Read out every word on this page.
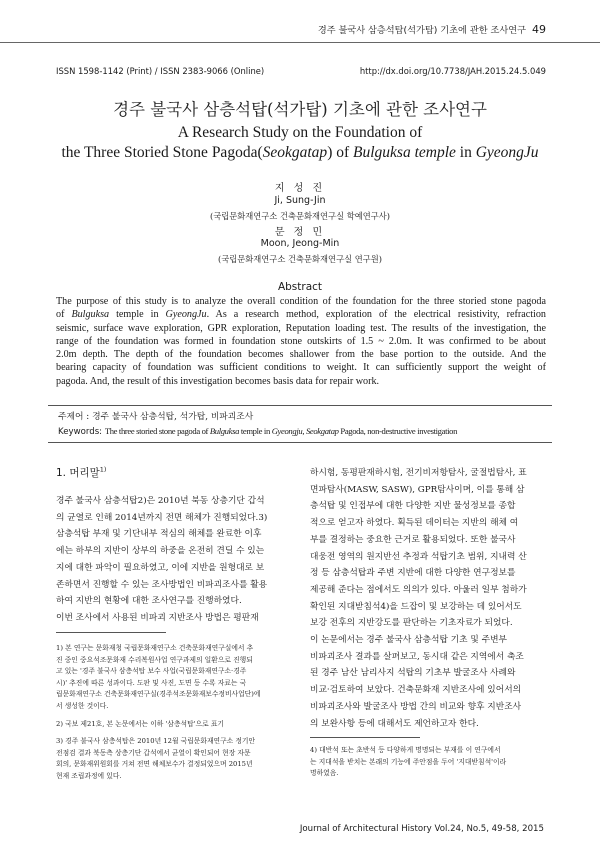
경주 불국사 삼층석탑(석가탑) 기초에 관한 조사연구 49
ISSN 1598-1142 (Print) / ISSN 2383-9066 (Online)	http://dx.doi.org/10.7738/JAH.2015.24.5.049
경주 불국사 삼층석탑(석가탑) 기초에 관한 조사연구
A Research Study on the Foundation of
the Three Storied Stone Pagoda(Seokgatap) of Bulguksa temple in GyeongJu
지 성 진
Ji, Sung-Jin
(국립문화재연구소 건축문화재연구실 학예연구사)
문 정 민
Moon, Jeong-Min
(국립문화재연구소 건축문화재연구실 연구원)
Abstract
The purpose of this study is to analyze the overall condition of the foundation for the three storied stone pagoda
of Bulguksa temple in GyeongJu. As a research method, exploration of the electrical resistivity, refraction
seismic, surface wave exploration, GPR exploration, Reputation loading test. The results of the investigation, the
range of the foundation was formed in foundation stone outskirts of 1.5 ~ 2.0m. It was confirmed to be about
2.0m depth. The depth of the foundation becomes shallower from the base portion to the outside. And the
bearing capacity of foundation was sufficient conditions to weight. It can sufficiently support the weight of
pagoda. And, the result of this investigation becomes basis data for repair work.
주제어 : 경주 불국사 삼층석탑, 석가탑, 비파괴조사
Keywords: The three storied stone pagoda of Bulguksa temple in Gyeongju, Seokgatap Pagoda, non-destructive investigation
1. 머리말$^{1)}$
경주 불국사 삼층석탑2)은 2010년 북동 상층기단 갑석
의 균열로 인해 2014년까지 전면 해체가 진행되었다.3)
삼층석탑 부재 및 기단내부 적심의 해체를 완료한 이후
에는 하부의 지반이 상부의 하중을 온전히 견딜 수 있는
지에 대한 파악이 필요하였고, 이에 지반을 원형대로 보
존하면서 진행할 수 있는 조사방법인 비파괴조사를 활용
하여 지반의 현황에 대한 조사연구를 진행하였다.
이번 조사에서 사용된 비파괴 지반조사 방법은 평판재
1) 본 연구는 문화재청 국립문화재연구소 건축문화재연구실에서 추
진 중인 중요석조문화재 수리복원사업 연구과제의 일환으로 진행되
고 있는 '경주 불국사 삼층석탑 보수 사업(국립문화재연구소·경주
시)' 추진에 따른 성과이다. 도판 및 사진, 도면 등 수록 자료는 국
립문화재연구소 건축문화재연구실(경주석조문화재보수정비사업단)에
서 생성한 것이다.
2) 국보 제21호, 본 논문에서는 이하 '삼층석탑'으로 표기
3) 경주 불국사 삼층석탑은 2010년 12월 국립문화재연구소 정기안
전점검 결과 북동측 상층기단 갑석에서 균열이 확인되어 현장 자문
회의, 문화재위원회를 거쳐 전면 해체보수가 결정되었으며 2015년
현재 조립과정에 있다.
하시험, 동평판재하시험, 전기비저항탐사, 굴절법탐사, 표
면파탐사(MASW, SASW), GPR탐사이며, 이를 통해 삼
층석탑 및 인접부에 대한 다양한 지반 물성정보를 종합
적으로 얻고자 하였다. 획득된 데이터는 지반의 해체 여
부를 결정하는 중요한 근거로 활용되었다. 또한 불국사
대웅전 영역의 원지반선 추정과 석탑기초 범위, 지내력 산
정 등 삼층석탑과 주변 지반에 대한 다양한 연구정보를
제공해 준다는 점에서도 의의가 있다. 아울러 일부 첨하가
확인된 지대받침석4)을 드잡이 및 보강하는 데 있어서도
보강 전후의 지반강도를 판단하는 기초자료가 되었다.
이 논문에서는 경주 불국사 삼층석탑 기초 및 주변부
비파괴조사 결과를 살펴보고, 동시대 같은 지역에서 축조
된 경주 남산 남리사지 석탑의 기초부 발굴조사 사례와
비교·검토하여 보았다. 건축문화재 지반조사에 있어서의
비파괴조사와 발굴조사 방법 간의 비교와 향후 지반조사
의 보완사항 등에 대해서도 제언하고자 한다.
4) 대반석 또는 초반석 등 다양하게 명명되는 부재를 이 연구에서
는 지대석을 받치는 본래의 기능에 주안점을 두어 '지대받침석'이라
명하였음.
Journal of Architectural History Vol.24, No.5, 49-58, 2015
